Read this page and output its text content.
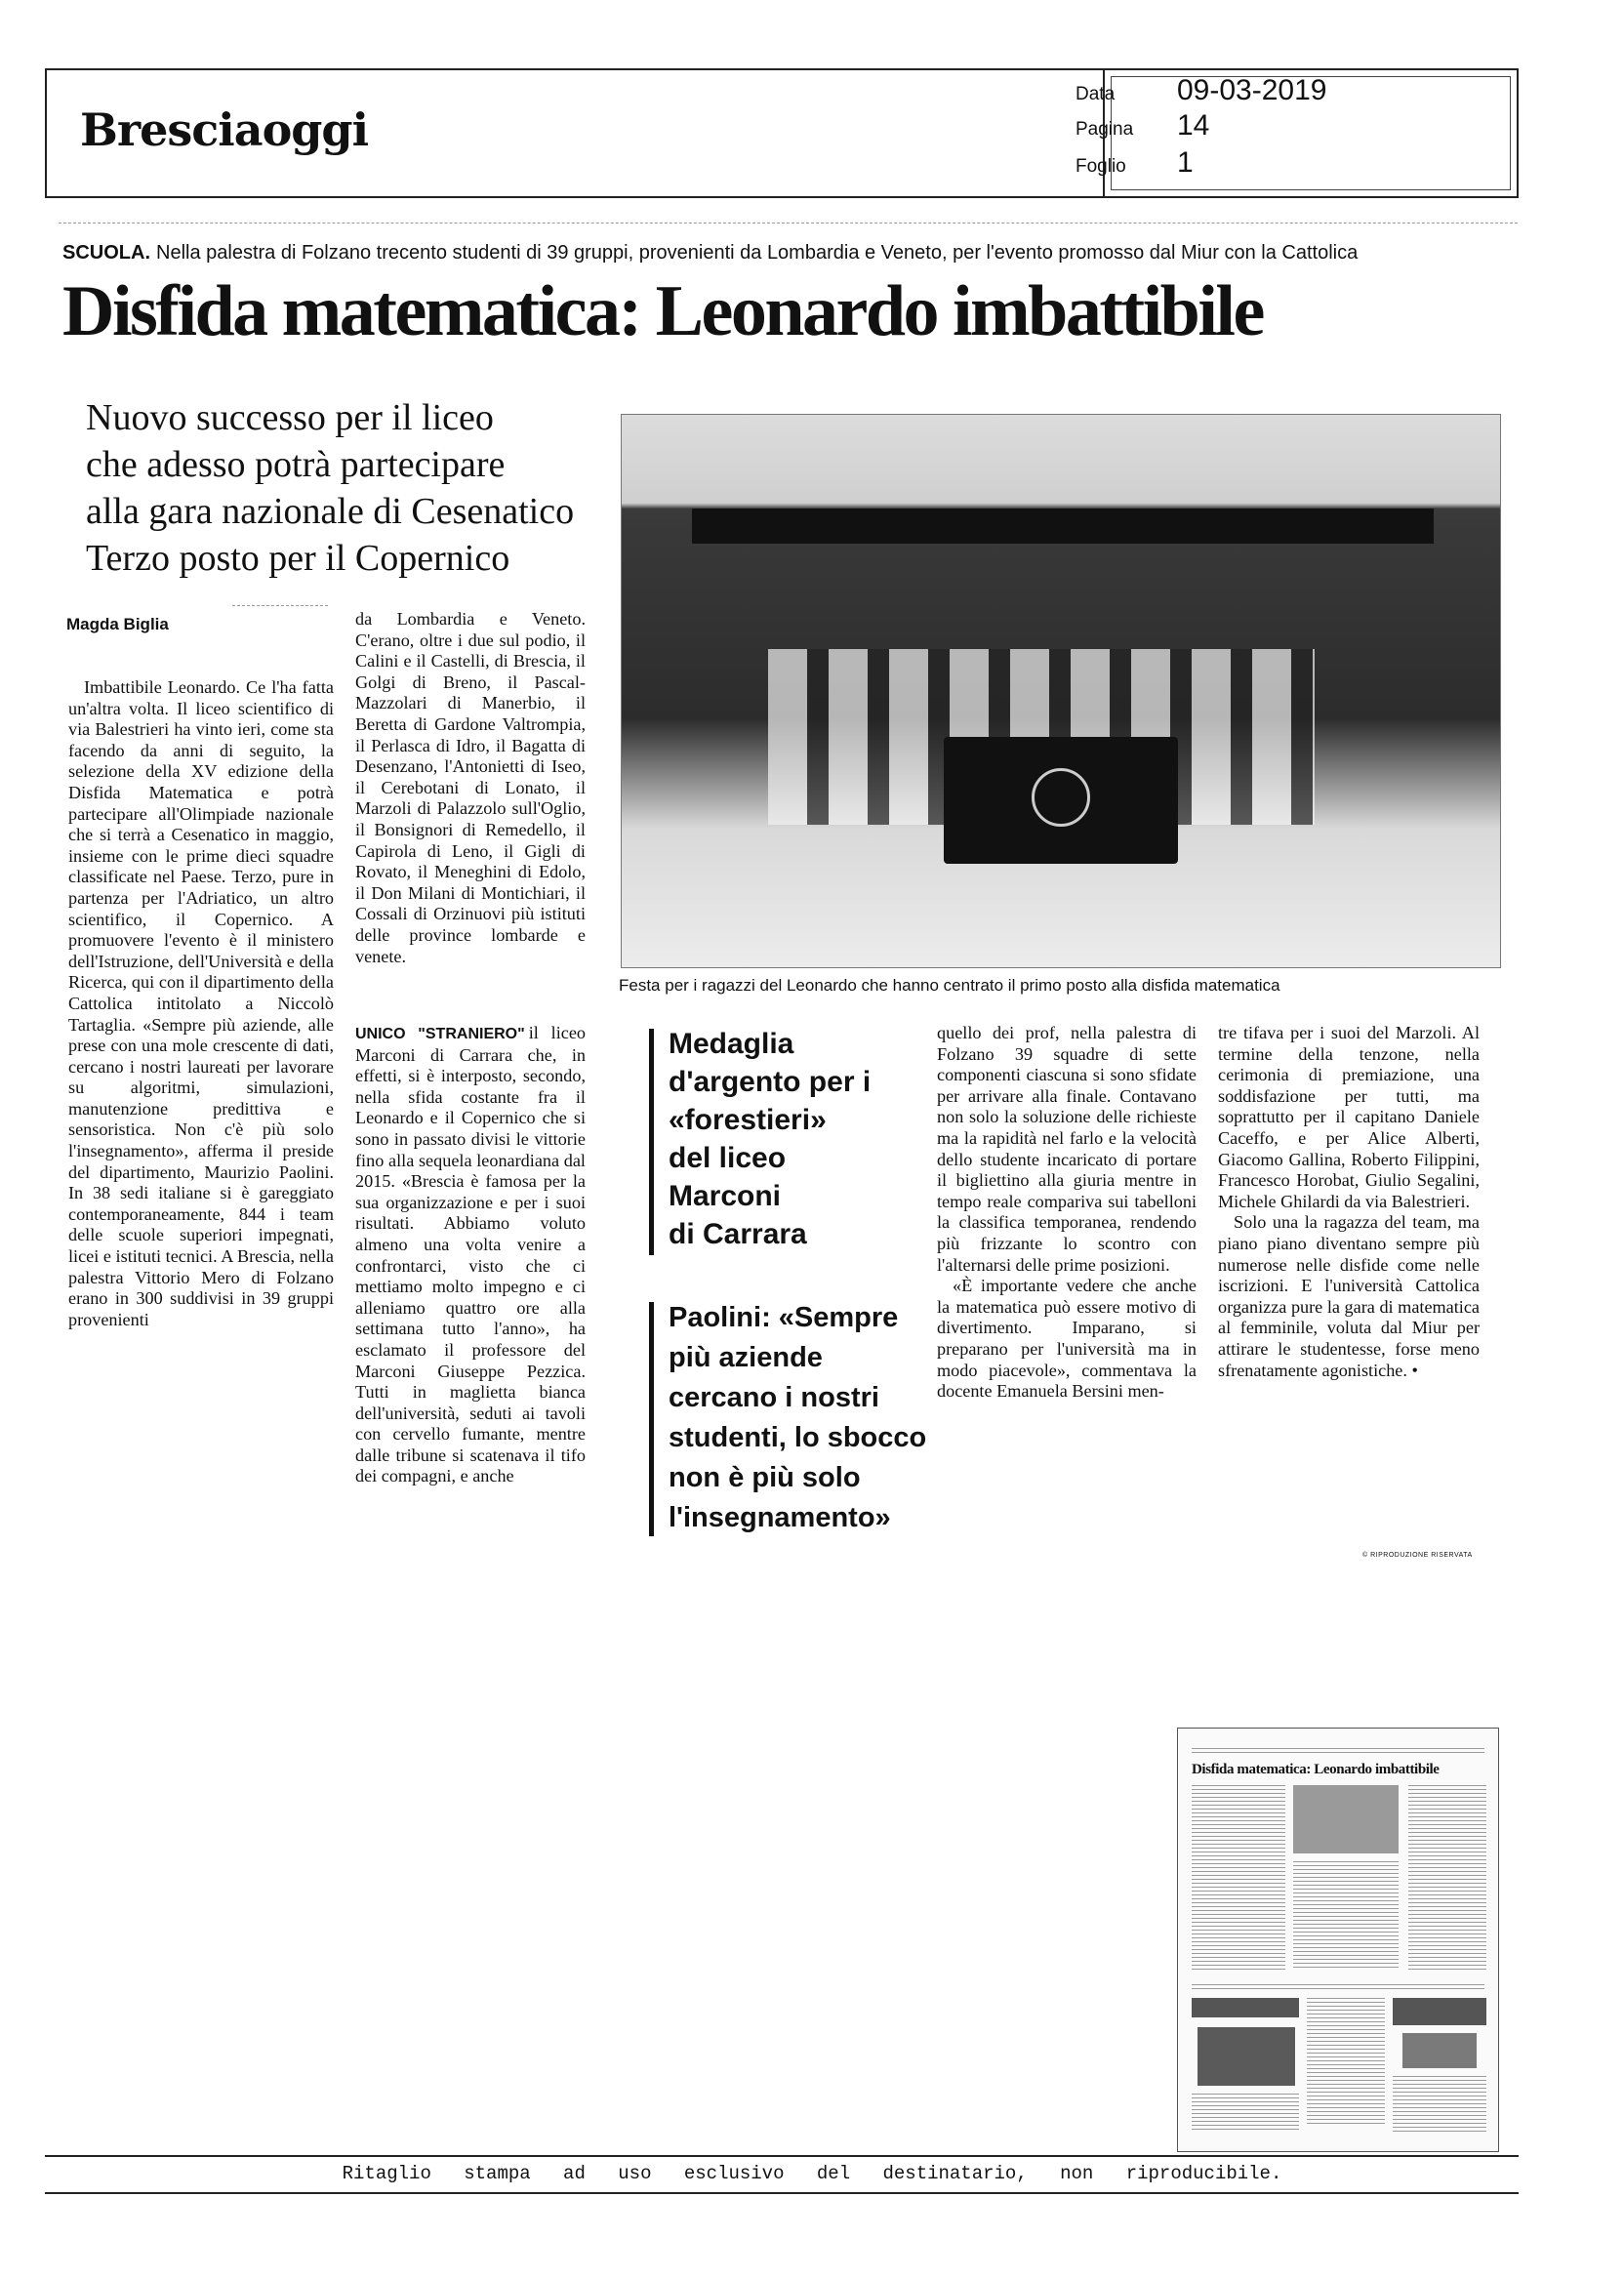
Bresciaoggi
Data 09-03-2019
Pagina 14
Foglio 1
SCUOLA. Nella palestra di Folzano trecento studenti di 39 gruppi, provenienti da Lombardia e Veneto, per l'evento promosso dal Miur con la Cattolica
Disfida matematica: Leonardo imbattibile
Nuovo successo per il liceo
che adesso potrà partecipare
alla gara nazionale di Cesenatico
Terzo posto per il Copernico
Magda Biglia

Imbattibile Leonardo. Ce l'ha fatta un'altra volta. Il liceo scientifico di via Balestrieri ha vinto ieri, come sta facendo da anni di seguito, la selezione della XV edizione della Disfida Matematica e potrà partecipare all'Olimpiade nazionale che si terrà a Cesenatico in maggio, insieme con le prime dieci squadre classificate nel Paese. Terzo, pure in partenza per l'Adriatico, un altro scientifico, il Copernico. A promuovere l'evento è il ministero dell'Istruzione, dell'Università e della Ricerca, qui con il dipartimento della Cattolica intitolato a Niccolò Tartaglia. «Sempre più aziende, alle prese con una mole crescente di dati, cercano i nostri laureati per lavorare su algoritmi, simulazioni, manutenzione predittiva e sensoristica. Non c'è più solo l'insegnamento», afferma il preside del dipartimento, Maurizio Paolini. In 38 sedi italiane si è gareggiato contemporaneamente, 844 i team delle scuole superiori impegnati, licei e istituti tecnici. A Brescia, nella palestra Vittorio Mero di Folzano erano in 300 suddivisi in 39 gruppi provenienti

da Lombardia e Veneto. C'erano, oltre i due sul podio, il Calini e il Castelli, di Brescia, il Golgi di Breno, il Pascal-Mazzolari di Manerbio, il Beretta di Gardone Valtrompia, il Perlasca di Idro, il Bagatta di Desenzano, l'Antonietti di Iseo, il Cerebotani di Lonato, il Marzoli di Palazzolo sull'Oglio, il Bonsignori di Remedello, il Capirola di Leno, il Gigli di Rovato, il Meneghini di Edolo, il Don Milani di Montichiari, il Cossali di Orzinuovi più istituti delle province lombarde e venete.

UNICO "STRANIERO" il liceo Marconi di Carrara che, in effetti, si è interposto, secondo, nella sfida costante fra il Leonardo e il Copernico che si sono in passato divisi le vittorie fino alla sequela leonardiana dal 2015. «Brescia è famosa per la sua organizzazione e per i suoi risultati. Abbiamo voluto almeno una volta venire a confrontarci, visto che ci mettiamo molto impegno e ci alleniamo quattro ore alla settimana tutto l'anno», ha esclamato il professore del Marconi Giuseppe Pezzica. Tutti in maglietta bianca dell'università, seduti ai tavoli con cervello fumante, mentre dalle tribune si scatenava il tifo dei compagni, e anche

quello dei prof, nella palestra di Folzano 39 squadre di sette componenti ciascuna si sono sfidate per arrivare alla finale. Contavano non solo la soluzione delle richieste ma la rapidità nel farlo e la velocità dello studente incaricato di portare il bigliettino alla giuria mentre in tempo reale compariva sui tabelloni la classifica temporanea, rendendo più frizzante lo scontro con l'alternarsi delle prime posizioni.

«È importante vedere che anche la matematica può essere motivo di divertimento. Imparano, si preparano per l'università ma in modo piacevole», commentava la docente Emanuela Bersini men-

tre tifava per i suoi del Marzoli. Al termine della tenzone, nella cerimonia di premiazione, una soddisfazione per tutti, ma soprattutto per il capitano Daniele Caceffo, e per Alice Alberti, Giacomo Gallina, Roberto Filippini, Francesco Horobat, Giulio Segalini, Michele Ghilardi da via Balestrieri.

Solo una la ragazza del team, ma piano piano diventano sempre più numerose nelle disfide come nelle iscrizioni. E l'università Cattolica organizza pure la gara di matematica al femminile, voluta dal Miur per attirare le studentesse, forse meno sfrenatamente agonistiche. •

© RIPRODUZIONE RISERVATA
Festa per i ragazzi del Leonardo che hanno centrato il primo posto alla disfida matematica
Medaglia
d'argento per i
«forestieri»
del liceo
Marconi
di Carrara
Paolini: «Sempre
più aziende
cercano i nostri
studenti, lo sbocco
non è più solo
l'insegnamento»
Disfida matematica: Leonardo imbattibile
Ritaglio stampa ad uso esclusivo del destinatario, non riproducibile.
